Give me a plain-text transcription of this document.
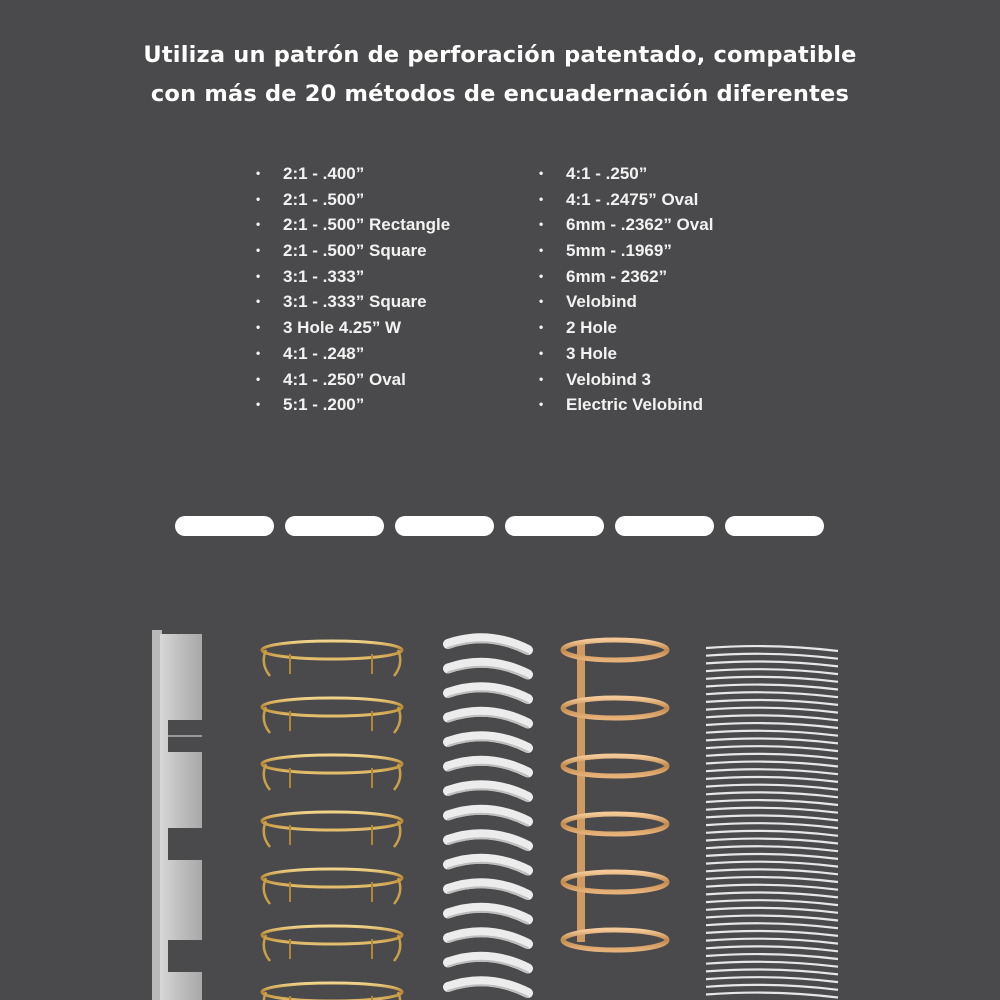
Utiliza un patrón de perforación patentado, compatible
con más de 20 métodos de encuadernación diferentes
• 2:1 - .400”
• 2:1 - .500”
• 2:1 - .500” Rectangle
• 2:1 - .500” Square
• 3:1 - .333”
• 3:1 - .333” Square
• 3 Hole 4.25” W
• 4:1 - .248”
• 4:1 - .250” Oval
• 5:1 - .200”
• 4:1 - .250”
• 4:1 - .2475” Oval
• 6mm - .2362” Oval
• 5mm - .1969”
• 6mm - 2362”
• Velobind
• 2 Hole
• 3 Hole
• Velobind 3
• Electric Velobind
